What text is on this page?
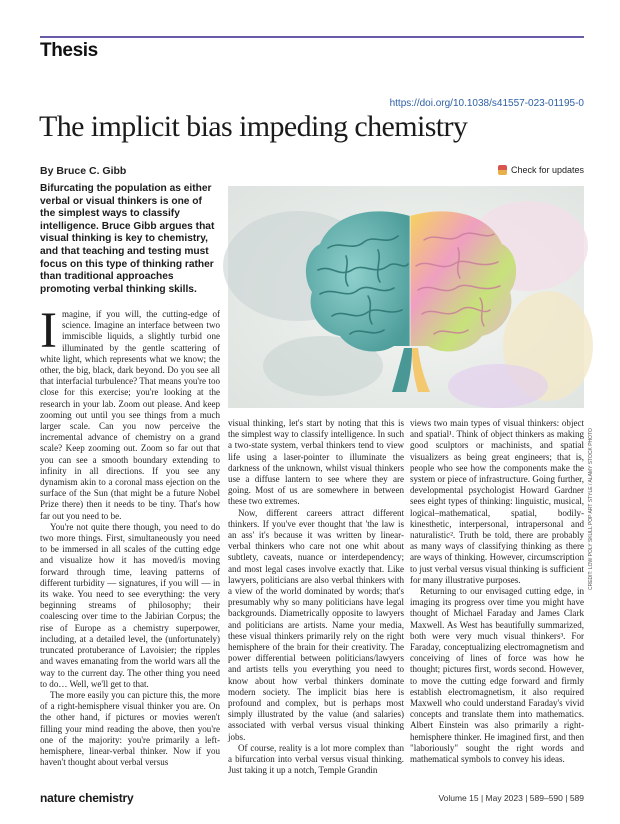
Thesis
https://doi.org/10.1038/s41557-023-01195-0
The implicit bias impeding chemistry
By Bruce C. Gibb	Check for updates
Bifurcating the population as either verbal or visual thinkers is one of the simplest ways to classify intelligence. Bruce Gibb argues that visual thinking is key to chemistry, and that teaching and testing must focus on this type of thinking rather than traditional approaches promoting verbal thinking skills.

Imagine, if you will, the cutting-edge of science. Imagine an interface between two immiscible liquids, a slightly turbid one illuminated by the gentle scattering of white light, which represents what we know; the other, the big, black, dark beyond. Do you see all that interfacial turbulence? That means you're too close for this exercise; you're looking at the research in your lab. Zoom out please. And keep zooming out until you see things from a much larger scale. Can you now perceive the incremental advance of chemistry on a grand scale? Keep zooming out. Zoom so far out that you can see a smooth boundary extending to infinity in all directions. If you see any dynamism akin to a coronal mass ejection on the surface of the Sun (that might be a future Nobel Prize there) then it needs to be tiny. That's how far out you need to be.

You're not quite there though, you need to do two more things. First, simultaneously you need to be immersed in all scales of the cutting edge and visualize how it has moved/is moving forward through time, leaving patterns of different turbidity — signatures, if you will — in its wake. You need to see everything: the very beginning streams of philosophy; their coalescing over time to the Jabirian Corpus; the rise of Europe as a chemistry superpower, including, at a detailed level, the (unfortunately) truncated protuberance of Lavoisier; the ripples and waves emanating from the world wars all the way to the current day. The other thing you need to do… Well, we'll get to that.

The more easily you can picture this, the more of a right-hemisphere visual thinker you are. On the other hand, if pictures or movies weren't filling your mind reading the above, then you're one of the majority: you're primarily a left-hemisphere, linear-verbal thinker. Now if you haven't thought about verbal versus

visual thinking, let's start by noting that this is the simplest way to classify intelligence. In such a two-state system, verbal thinkers tend to view life using a laser-pointer to illuminate the darkness of the unknown, whilst visual thinkers use a diffuse lantern to see where they are going. Most of us are somewhere in between these two extremes.

Now, different careers attract different thinkers. If you've ever thought that 'the law is an ass' it's because it was written by linear-verbal thinkers who care not one whit about subtlety, caveats, nuance or interdependency; and most legal cases involve exactly that. Like lawyers, politicians are also verbal thinkers with a view of the world dominated by words; that's presumably why so many politicians have legal backgrounds. Diametrically opposite to lawyers and politicians are artists. Name your media, these visual thinkers primarily rely on the right hemisphere of the brain for their creativity. The power differential between politicians/lawyers and artists tells you everything you need to know about how verbal thinkers dominate modern society. The implicit bias here is profound and complex, but is perhaps most simply illustrated by the value (and salaries) associated with verbal versus visual thinking jobs.

Of course, reality is a lot more complex than a bifurcation into verbal versus visual thinking. Just taking it up a notch, Temple Grandin

views two main types of visual thinkers: object and spatial¹. Think of object thinkers as making good sculptors or machinists, and spatial visualizers as being great engineers; that is, people who see how the components make the system or piece of infrastructure. Going further, developmental psychologist Howard Gardner sees eight types of thinking: linguistic, musical, logical–mathematical, spatial, bodily-kinesthetic, interpersonal, intrapersonal and naturalistic². Truth be told, there are probably as many ways of classifying thinking as there are ways of thinking. However, circumscription to just verbal versus visual thinking is sufficient for many illustrative purposes.

Returning to our envisaged cutting edge, in imaging its progress over time you might have thought of Michael Faraday and James Clark Maxwell. As West has beautifully summarized, both were very much visual thinkers³. For Faraday, conceptualizing electromagnetism and conceiving of lines of force was how he thought; pictures first, words second. However, to move the cutting edge forward and firmly establish electromagnetism, it also required Maxwell who could understand Faraday's vivid concepts and translate them into mathematics. Albert Einstein was also primarily a right-hemisphere thinker. He imagined first, and then "laboriously" sought the right words and mathematical symbols to convey his ideas.

CREDIT: LOW POLY SKULL POP ART STYLE / ALAMY STOCK PHOTO
nature chemistry	Volume 15 | May 2023 | 589–590 | 589
